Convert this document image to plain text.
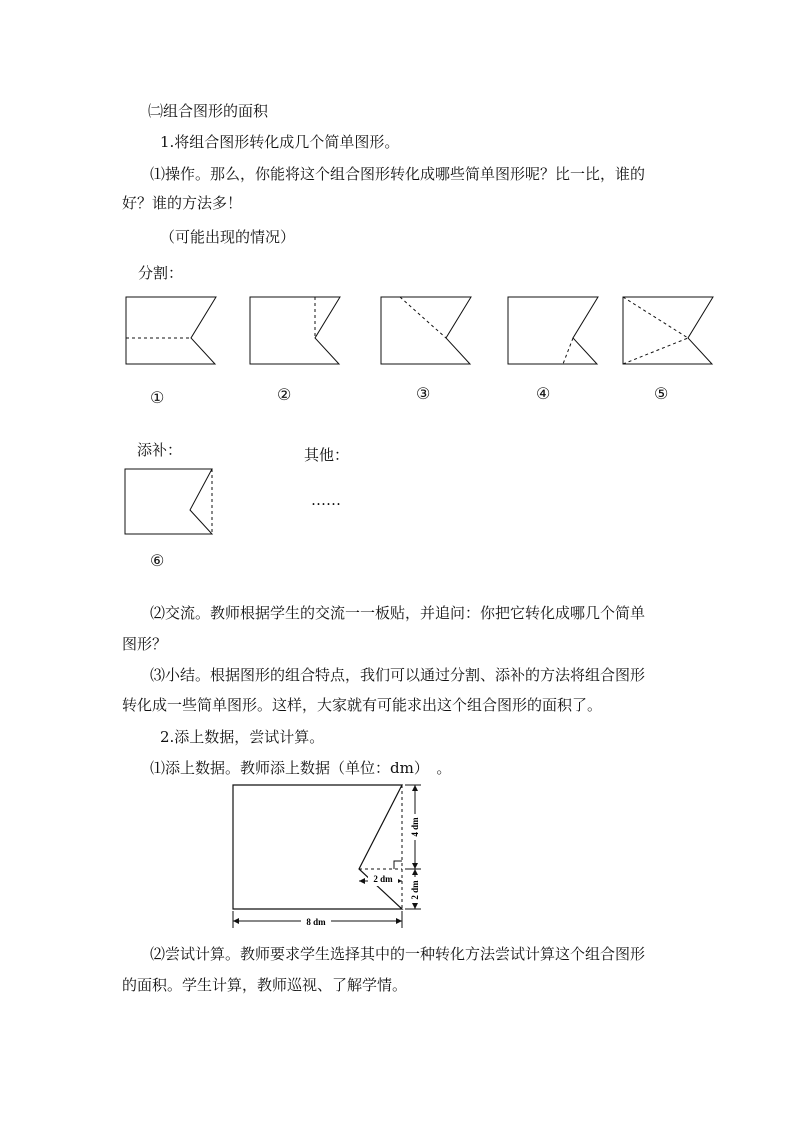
㈡组合图形的面积
1.将组合图形转化成几个简单图形。
⑴操作。那么，你能将这个组合图形转化成哪些简单图形呢？比一比，谁的
好？谁的方法多！
（可能出现的情况）
分割：
①	②	③	④	⑤
添补：	其他：
……
⑥
⑵交流。教师根据学生的交流一一板贴，并追问：你把它转化成哪几个简单
图形？
⑶小结。根据图形的组合特点，我们可以通过分割、添补的方法将组合图形
转化成一些简单图形。这样，大家就有可能求出这个组合图形的面积了。
2.添上数据，尝试计算。
⑴添上数据。教师添上数据（单位：dm）　。
2 dm
8 dm
4 dm
2 dm
⑵尝试计算。教师要求学生选择其中的一种转化方法尝试计算这个组合图形
的面积。学生计算，教师巡视、了解学情。
